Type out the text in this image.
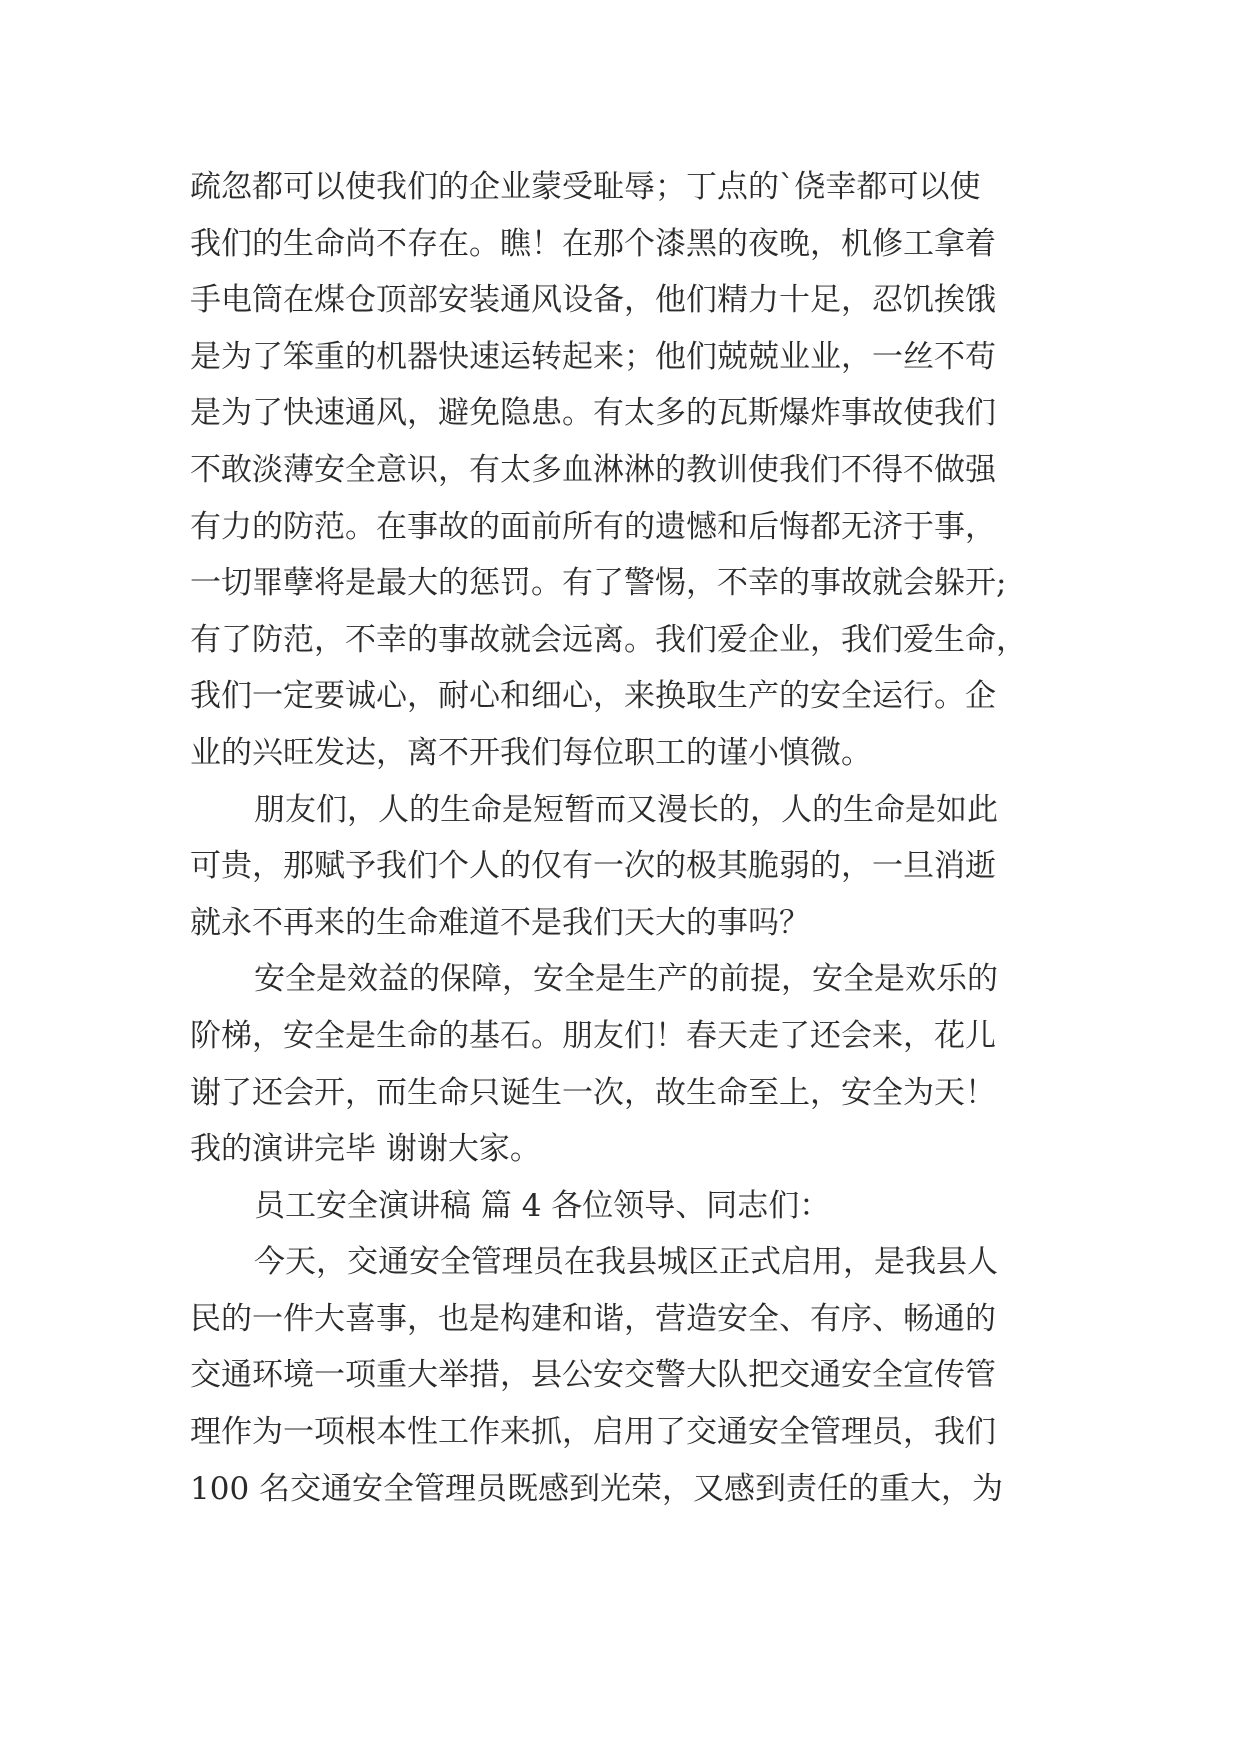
疏忽都可以使我们的企业蒙受耻辱；丁点的`侥幸都可以使
我们的生命尚不存在。瞧！在那个漆黑的夜晚，机修工拿着
手电筒在煤仓顶部安装通风设备，他们精力十足，忍饥挨饿
是为了笨重的机器快速运转起来；他们兢兢业业，一丝不苟
是为了快速通风，避免隐患。有太多的瓦斯爆炸事故使我们
不敢淡薄安全意识，有太多血淋淋的教训使我们不得不做强
有力的防范。在事故的面前所有的遗憾和后悔都无济于事，
一切罪孽将是最大的惩罚。有了警惕，不幸的事故就会躲开;
有了防范，不幸的事故就会远离。我们爱企业，我们爱生命，
我们一定要诚心，耐心和细心，来换取生产的安全运行。企
业的兴旺发达，离不开我们每位职工的谨小慎微。
朋友们，人的生命是短暂而又漫长的，人的生命是如此
可贵，那赋予我们个人的仅有一次的极其脆弱的，一旦消逝
就永不再来的生命难道不是我们天大的事吗？
安全是效益的保障，安全是生产的前提，安全是欢乐的
阶梯，安全是生命的基石。朋友们！春天走了还会来，花儿
谢了还会开，而生命只诞生一次，故生命至上，安全为天！
我的演讲完毕 谢谢大家。
员工安全演讲稿 篇 4 各位领导、同志们：
今天，交通安全管理员在我县城区正式启用，是我县人
民的一件大喜事，也是构建和谐，营造安全、有序、畅通的
交通环境一项重大举措，县公安交警大队把交通安全宣传管
理作为一项根本性工作来抓，启用了交通安全管理员，我们
100 名交通安全管理员既感到光荣，又感到责任的重大，为
